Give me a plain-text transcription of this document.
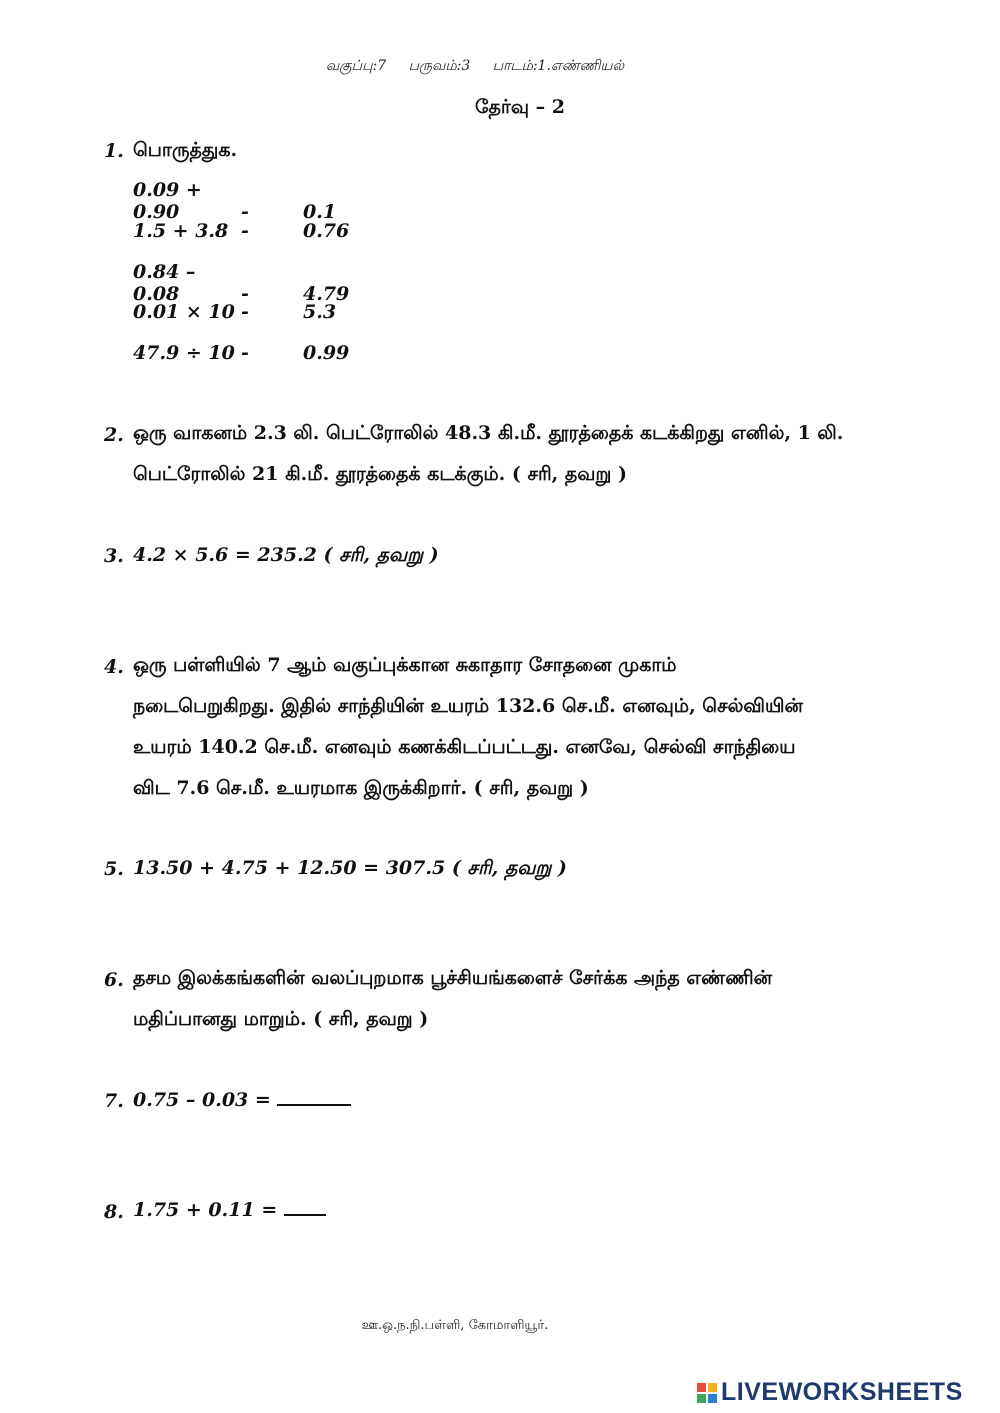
வகுப்பு:7 பருவம்:3 பாடம்:1.எண்ணியல்
தேர்வு – 2
1. பொருத்துக.
0.09 + 0.90	-	0.1
1.5 + 3.8 -	0.76
0.84 – 0.08	-	4.79
0.01 × 10 -	5.3
47.9 ÷ 10 -	0.99
2. ஒரு வாகனம் 2.3 லி. பெட்ரோலில் 48.3 கி.மீ. தூரத்தைக் கடக்கிறது எனில், 1 லி.
பெட்ரோலில் 21 கி.மீ. தூரத்தைக் கடக்கும். ( சரி, தவறு )
3. 4.2 × 5.6 = 235.2 ( சரி, தவறு )
4. ஒரு பள்ளியில் 7 ஆம் வகுப்புக்கான சுகாதார சோதனை முகாம்
நடைபெறுகிறது. இதில் சாந்தியின் உயரம் 132.6 செ.மீ. எனவும், செல்வியின்
உயரம் 140.2 செ.மீ. எனவும் கணக்கிடப்பட்டது. எனவே, செல்வி சாந்தியை
விட 7.6 செ.மீ. உயரமாக இருக்கிறார். ( சரி, தவறு )
5. 13.50 + 4.75 + 12.50 = 307.5 ( சரி, தவறு )
6. தசம இலக்கங்களின் வலப்புறமாக பூச்சியங்களைச் சேர்க்க அந்த எண்ணின்
மதிப்பானது மாறும். ( சரி, தவறு )
7. 0.75 – 0.03 =
8. 1.75 + 0.11 =
ஊ.ஒ.ந.நி.பள்ளி, கோமாளியூர்.
LIVEWORKSHEETS
